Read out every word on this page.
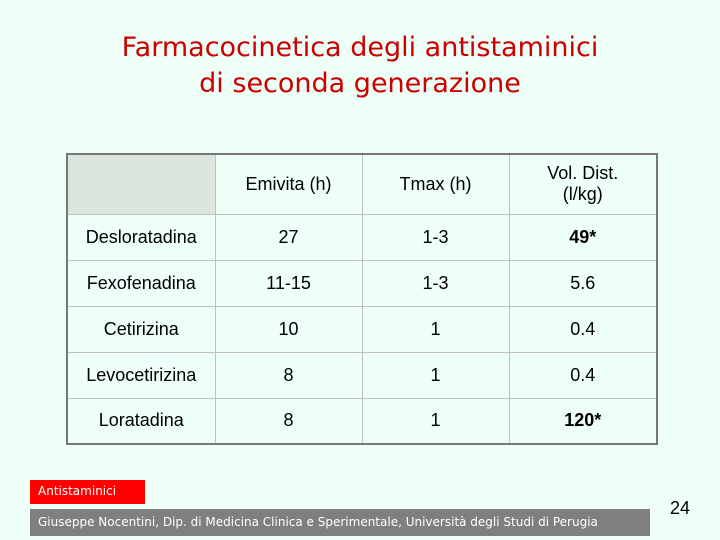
Farmacocinetica degli antistaminici
di seconda generazione
	Emivita (h)	Tmax (h)	Vol. Dist. (l/kg)
Desloratadina	27	1-3	49*
Fexofenadina	11-15	1-3	5.6
Cetirizina	10	1	0.4
Levocetirizina	8	1	0.4
Loratadina	8	1	120*
Antistaminici
Giuseppe Nocentini, Dip. di Medicina Clinica e Sperimentale, Università degli Studi di Perugia
24
